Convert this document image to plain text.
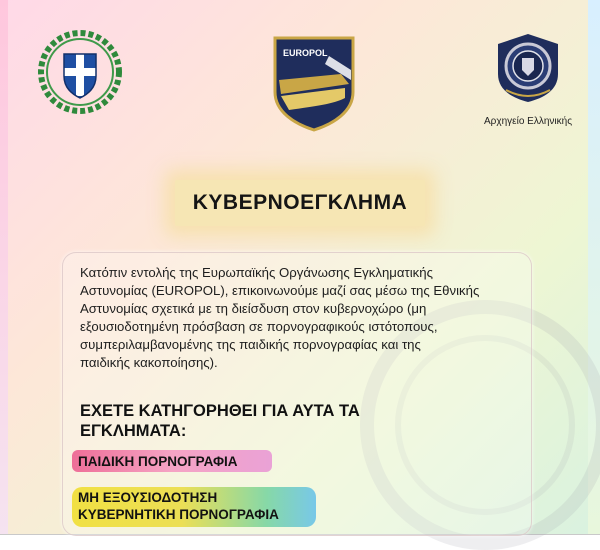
EUROPOL
Αρχηγείο Ελληνικής
ΚΥΒΕΡΝΟΕΓΚΛΗΜΑ
Κατόπιν εντολής της Ευρωπαϊκής Οργάνωσης Εγκληματικής
Αστυνομίας (EUROPOL), επικοινωνούμε μαζί σας μέσω της Εθνικής
Αστυνομίας σχετικά με τη διείσδυση στον κυβερνοχώρο (μη
εξουσιοδοτημένη πρόσβαση σε πορνογραφικούς ιστότοπους,
συμπεριλαμβανομένης της παιδικής πορνογραφίας και της
παιδικής κακοποίησης).
ΕΧΕΤΕ ΚΑΤΗΓΟΡΗΘΕΙ ΓΙΑ ΑΥΤΑ ΤΑ
ΕΓΚΛΗΜΑΤΑ:
ΠΑΙΔΙΚΗ ΠΟΡΝΟΓΡΑΦΙΑ
ΜΗ ΕΞΟΥΣΙΟΔΟΤΗΣΗ
ΚΥΒΕΡΝΗΤΙΚΗ ΠΟΡΝΟΓΡΑΦΙΑ
